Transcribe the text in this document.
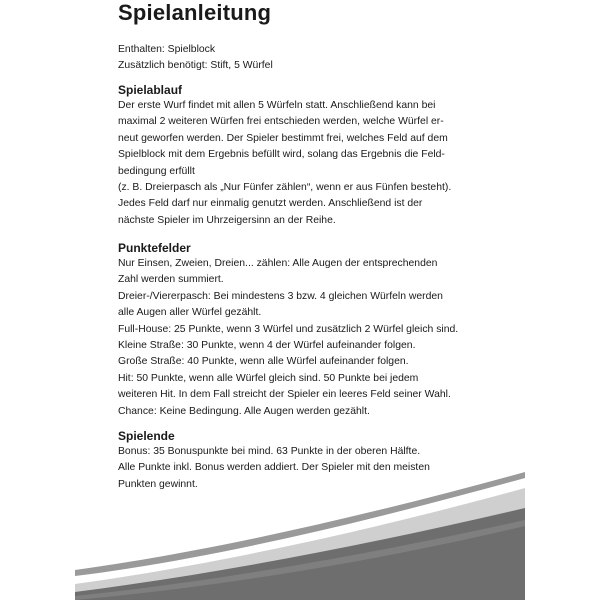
Spielanleitung
Enthalten: Spielblock
Zusätzlich benötigt: Stift, 5 Würfel
Spielablauf
Der erste Wurf findet mit allen 5 Würfeln statt. Anschließend kann bei
maximal 2 weiteren Würfen frei entschieden werden, welche Würfel er-
neut geworfen werden. Der Spieler bestimmt frei, welches Feld auf dem
Spielblock mit dem Ergebnis befüllt wird, solang das Ergebnis die Feld-
bedingung erfüllt
(z. B. Dreierpasch als „Nur Fünfer zählen“, wenn er aus Fünfen besteht).
Jedes Feld darf nur einmalig genutzt werden. Anschließend ist der
nächste Spieler im Uhrzeigersinn an der Reihe.
Punktefelder
Nur Einsen, Zweien, Dreien... zählen: Alle Augen der entsprechenden
Zahl werden summiert.
Dreier-/Viererpasch: Bei mindestens 3 bzw. 4 gleichen Würfeln werden
alle Augen aller Würfel gezählt.
Full-House: 25 Punkte, wenn 3 Würfel und zusätzlich 2 Würfel gleich sind.
Kleine Straße: 30 Punkte, wenn 4 der Würfel aufeinander folgen.
Große Straße: 40 Punkte, wenn alle Würfel aufeinander folgen.
Hit: 50 Punkte, wenn alle Würfel gleich sind. 50 Punkte bei jedem
weiteren Hit. In dem Fall streicht der Spieler ein leeres Feld seiner Wahl.
Chance: Keine Bedingung. Alle Augen werden gezählt.
Spielende
Bonus: 35 Bonuspunkte bei mind. 63 Punkte in der oberen Hälfte.
Alle Punkte inkl. Bonus werden addiert. Der Spieler mit den meisten
Punkten gewinnt.
